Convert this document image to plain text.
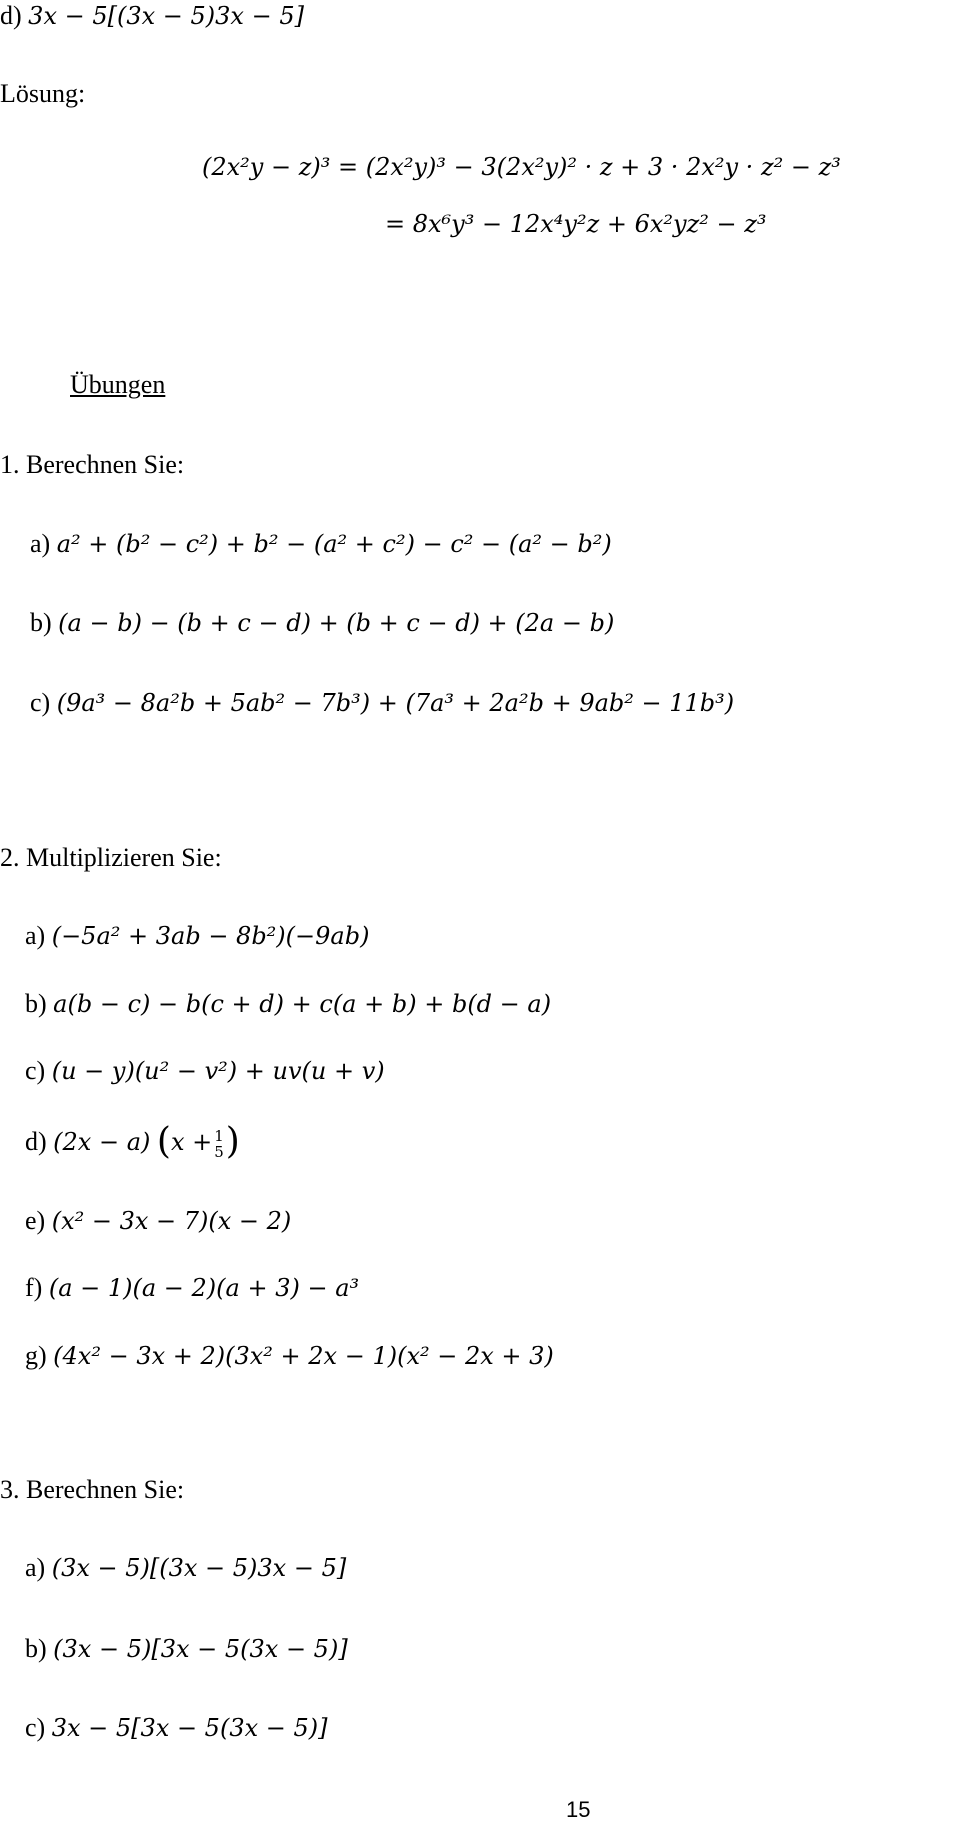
d) 3𝑥 − 5[(3𝑥 − 5)3𝑥 − 5]
Lösung:
(2𝑥²𝑦 − 𝑧)³ = (2𝑥²𝑦)³ − 3(2𝑥²𝑦)² · 𝑧 + 3 · 2𝑥²𝑦 · 𝑧² − 𝑧³
= 8𝑥⁶𝑦³ − 12𝑥⁴𝑦²𝑧 + 6𝑥²𝑦𝑧² − 𝑧³
Übungen
1. Berechnen Sie:
a) 𝑎² + (𝑏² − 𝑐²) + 𝑏² − (𝑎² + 𝑐²) − 𝑐² − (𝑎² − 𝑏²)
b) (𝑎 − 𝑏) − (𝑏 + 𝑐 − 𝑑) + (𝑏 + 𝑐 − 𝑑) + (2𝑎 − 𝑏)
c) (9𝑎³ − 8𝑎²𝑏 + 5𝑎𝑏² − 7𝑏³) + (7𝑎³ + 2𝑎²𝑏 + 9𝑎𝑏² − 11𝑏³)
2. Multiplizieren Sie:
a) (−5𝑎² + 3𝑎𝑏 − 8𝑏²)(−9𝑎𝑏)
b) 𝑎(𝑏 − 𝑐) − 𝑏(𝑐 + 𝑑) + 𝑐(𝑎 + 𝑏) + 𝑏(𝑑 − 𝑎)
c) (𝑢 − 𝑦)(𝑢² − 𝑣²) + 𝑢𝑣(𝑢 + 𝑣)
d) (2𝑥 − 𝑎) (𝑥 + 1
5 )
e) (𝑥² − 3𝑥 − 7)(𝑥 − 2)
f) (𝑎 − 1)(𝑎 − 2)(𝑎 + 3) − 𝑎³
g) (4𝑥² − 3𝑥 + 2)(3𝑥² + 2𝑥 − 1)(𝑥² − 2𝑥 + 3)
3. Berechnen Sie:
a) (3𝑥 − 5)[(3𝑥 − 5)3𝑥 − 5]
b) (3𝑥 − 5)[3𝑥 − 5(3𝑥 − 5)]
c) 3𝑥 − 5[3𝑥 − 5(3𝑥 − 5)]
15
